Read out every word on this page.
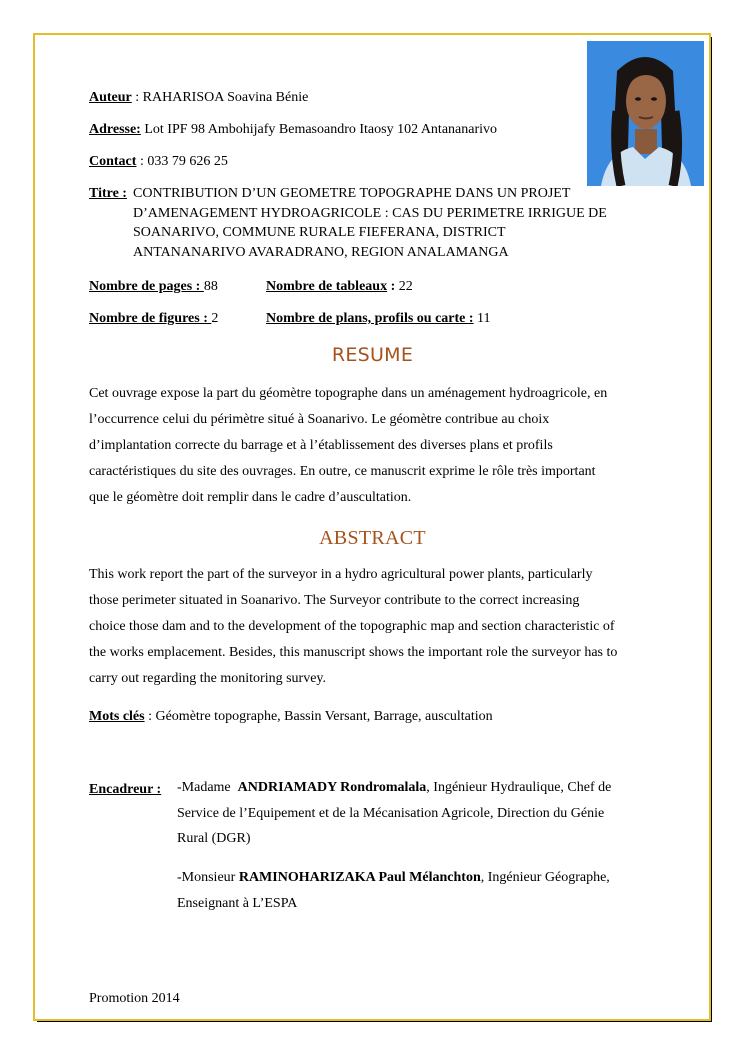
Auteur : RAHARISOA Soavina Bénie
Adresse: Lot IPF 98 Ambohijafy Bemasoandro Itaosy 102 Antananarivo
Contact : 033 79 626 25
Titre : CONTRIBUTION D’UN GEOMETRE TOPOGRAPHE DANS UN PROJET
D’AMENAGEMENT HYDROAGRICOLE : CAS DU PERIMETRE IRRIGUE DE
SOANARIVO, COMMUNE RURALE FIEFERANA, DISTRICT
ANTANANARIVO AVARADRANO, REGION ANALAMANGA
Nombre de pages : 88	Nombre de tableaux : 22
Nombre de figures : 2	Nombre de plans, profils ou carte : 11
RESUME
Cet ouvrage expose la part du géomètre topographe dans un aménagement hydroagricole, en
l’occurrence celui du périmètre situé à Soanarivo. Le géomètre contribue au choix
d’implantation correcte du barrage et à l’établissement des diverses plans et profils
caractéristiques du site des ouvrages. En outre, ce manuscrit exprime le rôle très important
que le géomètre doit remplir dans le cadre d’auscultation.
ABSTRACT
This work report the part of the surveyor in a hydro agricultural power plants, particularly
those perimeter situated in Soanarivo. The Surveyor contribute to the correct increasing
choice those dam and to the development of the topographic map and section characteristic of
the works emplacement. Besides, this manuscript shows the important role the surveyor has to
carry out regarding the monitoring survey.
Mots clés : Géomètre topographe, Bassin Versant, Barrage, auscultation
Encadreur : -Madame  ANDRIAMADY Rondromalala, Ingénieur Hydraulique, Chef de
Service de l’Equipement et de la Mécanisation Agricole, Direction du Génie
Rural (DGR)
-Monsieur RAMINOHARIZAKA Paul Mélanchton, Ingénieur Géographe,
Enseignant à L’ESPA
Promotion 2014
